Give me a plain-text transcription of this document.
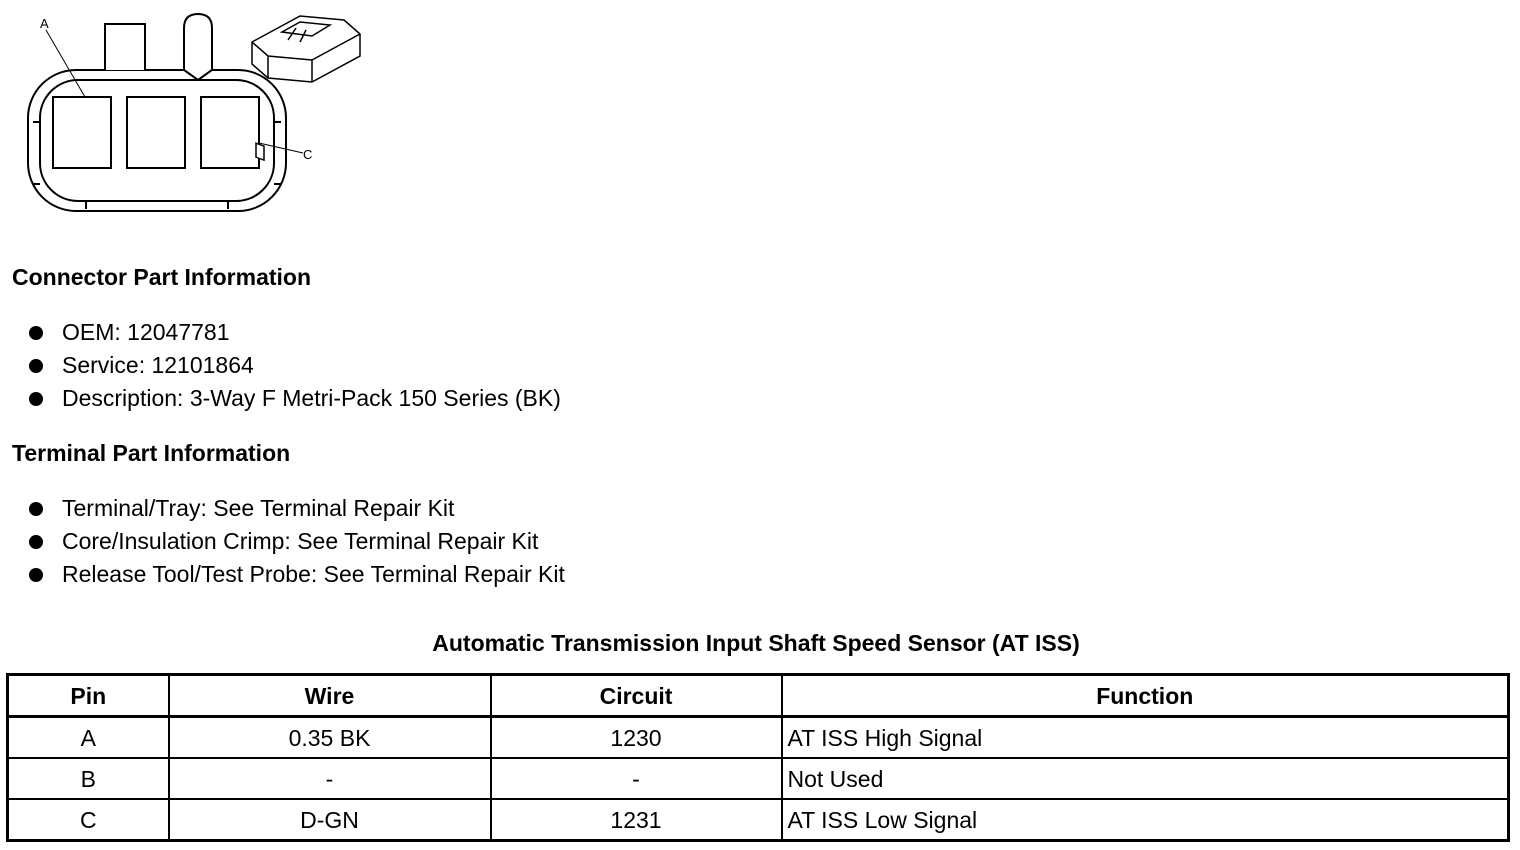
A
C
Connector Part Information
OEM: 12047781
Service: 12101864
Description: 3-Way F Metri-Pack 150 Series (BK)
Terminal Part Information
Terminal/Tray: See Terminal Repair Kit
Core/Insulation Crimp: See Terminal Repair Kit
Release Tool/Test Probe: See Terminal Repair Kit
Automatic Transmission Input Shaft Speed Sensor (AT ISS)
Pin	Wire	Circuit	Function
A	0.35 BK	1230	AT ISS High Signal
B	-	-	Not Used
C	D-GN	1231	AT ISS Low Signal
